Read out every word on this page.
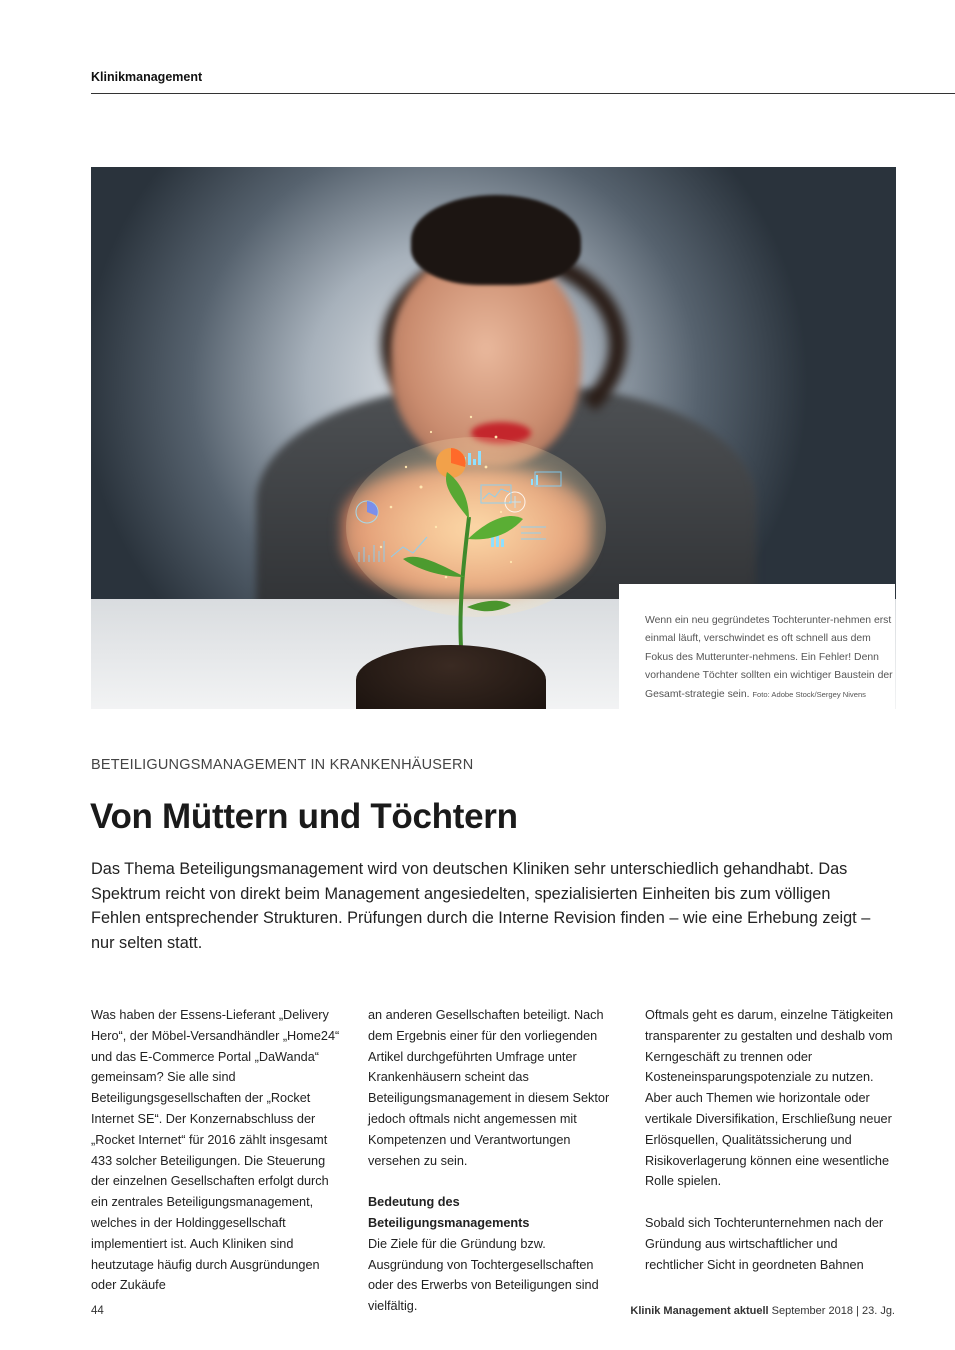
Klinikmanagement
Wenn ein neu gegründetes Tochterunter-nehmen erst einmal läuft, verschwindet es oft schnell aus dem Fokus des Mutterunter-nehmens. Ein Fehler! Denn vorhandene Töchter sollten ein wichtiger Baustein der Gesamt-strategie sein. Foto: Adobe Stock/Sergey Nivens
BETEILIGUNGSMANAGEMENT IN KRANKENHÄUSERN
Von Müttern und Töchtern
Das Thema Beteiligungsmanagement wird von deutschen Kliniken sehr unterschiedlich gehandhabt. Das Spektrum reicht von direkt beim Management angesiedelten, spezialisierten Einheiten bis zum völligen Fehlen entsprechender Strukturen. Prüfungen durch die Interne Revision finden – wie eine Erhebung zeigt – nur selten statt.

Was haben der Essens-Lieferant „Delivery Hero“, der Möbel-Versandhändler „Home24“ und das E-Commerce Portal „DaWanda“ gemeinsam? Sie alle sind Beteiligungsgesellschaften der „Rocket Internet SE“. Der Konzernabschluss der „Rocket Internet“ für 2016 zählt insgesamt 433 solcher Beteiligungen. Die Steuerung der einzelnen Gesellschaften erfolgt durch ein zentrales Beteiligungsmanagement, welches in der Holdinggesellschaft implementiert ist. Auch Kliniken sind heutzutage häufig durch Ausgründungen oder Zukäufe

an anderen Gesellschaften beteiligt. Nach dem Ergebnis einer für den vorliegenden Artikel durchgeführten Umfrage unter Krankenhäusern scheint das Beteiligungsmanagement in diesem Sektor jedoch oftmals nicht angemessen mit Kompetenzen und Verantwortungen versehen zu sein.

Bedeutung des Beteiligungsmanagements

Die Ziele für die Gründung bzw. Ausgründung von Tochtergesellschaften oder des Erwerbs von Beteiligungen sind vielfältig.

Oftmals geht es darum, einzelne Tätigkeiten transparenter zu gestalten und deshalb vom Kerngeschäft zu trennen oder Kosteneinsparungspotenziale zu nutzen. Aber auch Themen wie horizontale oder vertikale Diversifikation, Erschließung neuer Erlösquellen, Qualitätssicherung und Risikoverlagerung können eine wesentliche Rolle spielen.

Sobald sich Tochterunternehmen nach der Gründung aus wirtschaftlicher und rechtlicher Sicht in geordneten Bahnen

44	Klinik Management aktuell September 2018 | 23. Jg.
